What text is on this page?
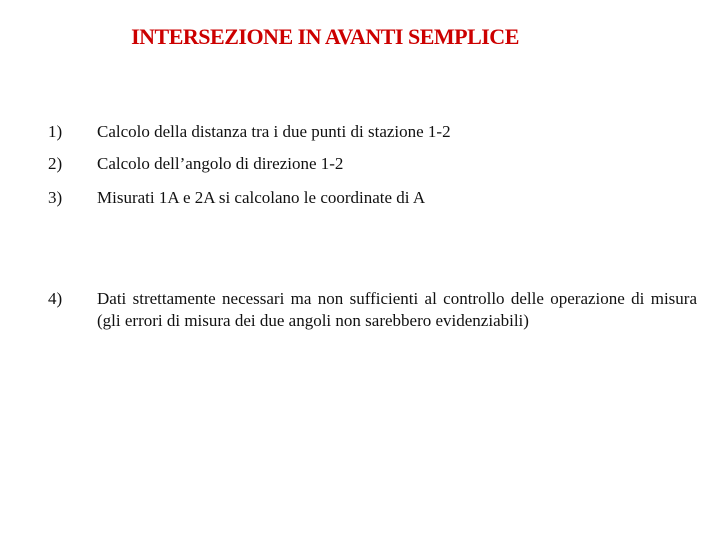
INTERSEZIONE IN AVANTI SEMPLICE
1)	Calcolo della distanza tra i due punti di stazione 1-2
2)	Calcolo dell’angolo di direzione 1-2
3)	Misurati 1A e 2A si calcolano le coordinate di A
4)	Dati strettamente necessari ma non sufficienti al controllo delle operazione di misura (gli errori di misura dei due angoli non sarebbero evidenziabili)
